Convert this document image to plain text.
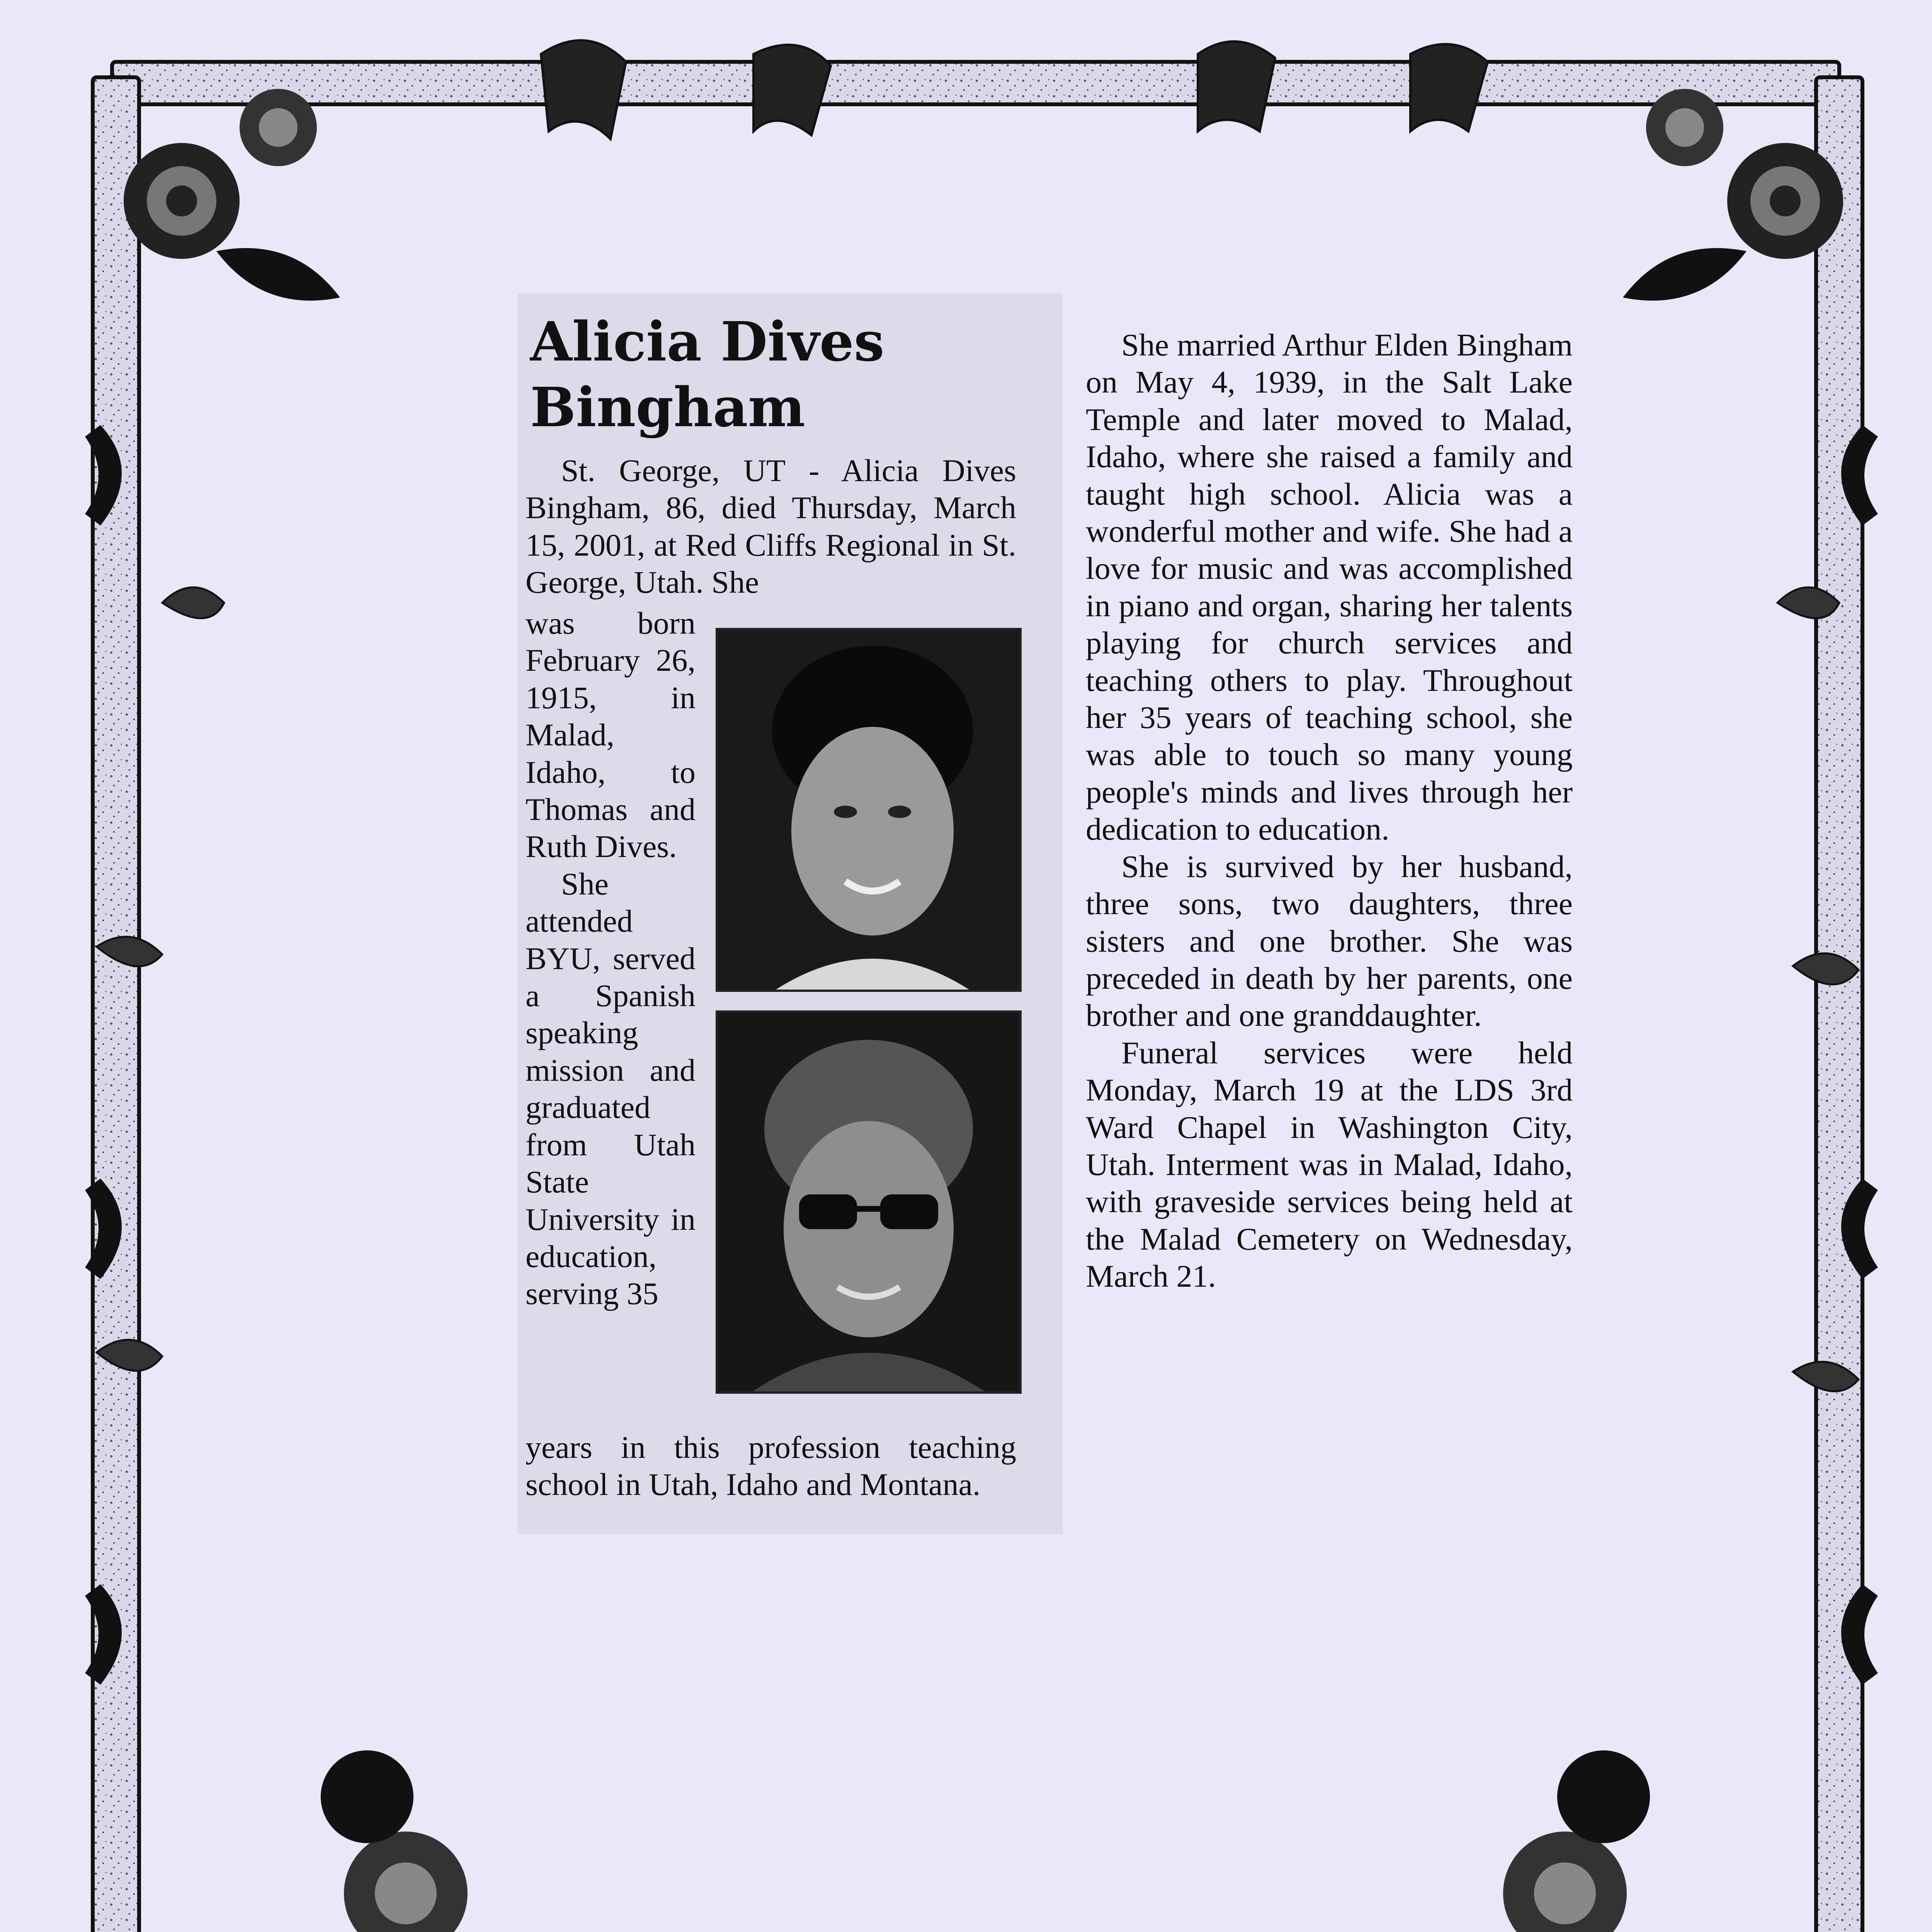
Alicia Dives Bingham

St. George, UT - Alicia Dives Bingham, 86, died Thursday, March 15, 2001, at Red Cliffs Regional in St. George, Utah. She

was born February 26, 1915, in Malad, Idaho, to Thomas and Ruth Dives.

She attended BYU, served a Spanish speaking mission and graduated from Utah State University in education, serving 35

years in this profession teaching school in Utah, Idaho and Montana.

She married Arthur Elden Bingham on May 4, 1939, in the Salt Lake Temple and later moved to Malad, Idaho, where she raised a family and taught high school. Alicia was a wonderful mother and wife. She had a love for music and was accomplished in piano and organ, sharing her talents playing for church services and teaching others to play. Throughout her 35 years of teaching school, she was able to touch so many young people's minds and lives through her dedication to education.

She is survived by her husband, three sons, two daughters, three sisters and one brother. She was preceded in death by her parents, one brother and one granddaughter.

Funeral services were held Monday, March 19 at the LDS 3rd Ward Chapel in Washington City, Utah. Interment was in Malad, Idaho, with graveside services being held at the Malad Cemetery on Wednesday, March 21.
